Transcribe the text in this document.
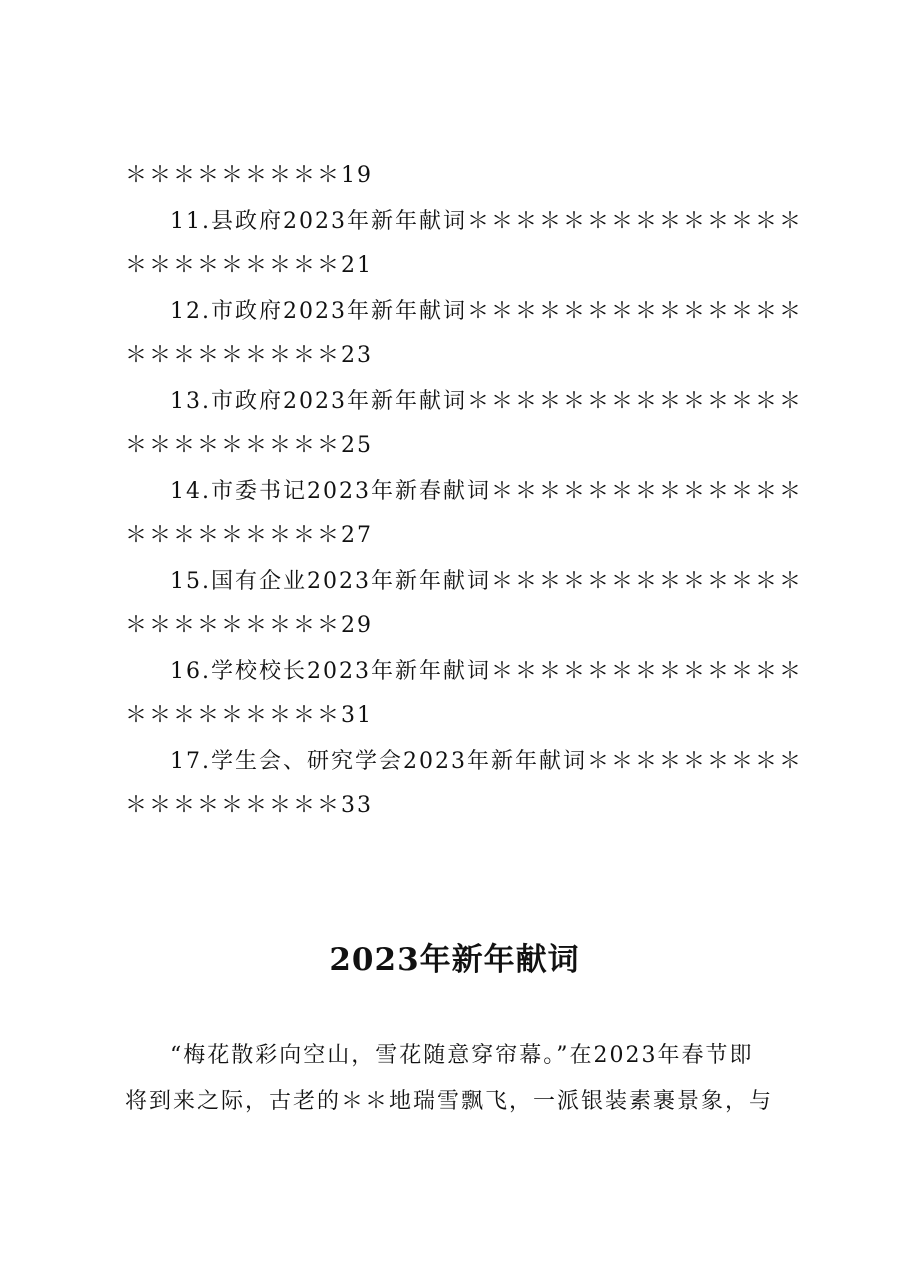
＊＊＊＊＊＊＊＊＊19
11.县政府2023年新年献词＊＊＊＊＊＊＊＊＊＊＊＊＊＊
＊＊＊＊＊＊＊＊＊21
12.市政府2023年新年献词＊＊＊＊＊＊＊＊＊＊＊＊＊＊
＊＊＊＊＊＊＊＊＊23
13.市政府2023年新年献词＊＊＊＊＊＊＊＊＊＊＊＊＊＊
＊＊＊＊＊＊＊＊＊25
14.市委书记2023年新春献词＊＊＊＊＊＊＊＊＊＊＊＊＊
＊＊＊＊＊＊＊＊＊27
15.国有企业2023年新年献词＊＊＊＊＊＊＊＊＊＊＊＊＊
＊＊＊＊＊＊＊＊＊29
16.学校校长2023年新年献词＊＊＊＊＊＊＊＊＊＊＊＊＊
＊＊＊＊＊＊＊＊＊31
17.学生会、研究学会2023年新年献词＊＊＊＊＊＊＊＊＊
＊＊＊＊＊＊＊＊＊33
2023年新年献词
“梅花散彩向空山，雪花随意穿帘幕。”在2023年春节即
将到来之际，古老的＊＊地瑞雪飘飞，一派银装素裹景象，与
